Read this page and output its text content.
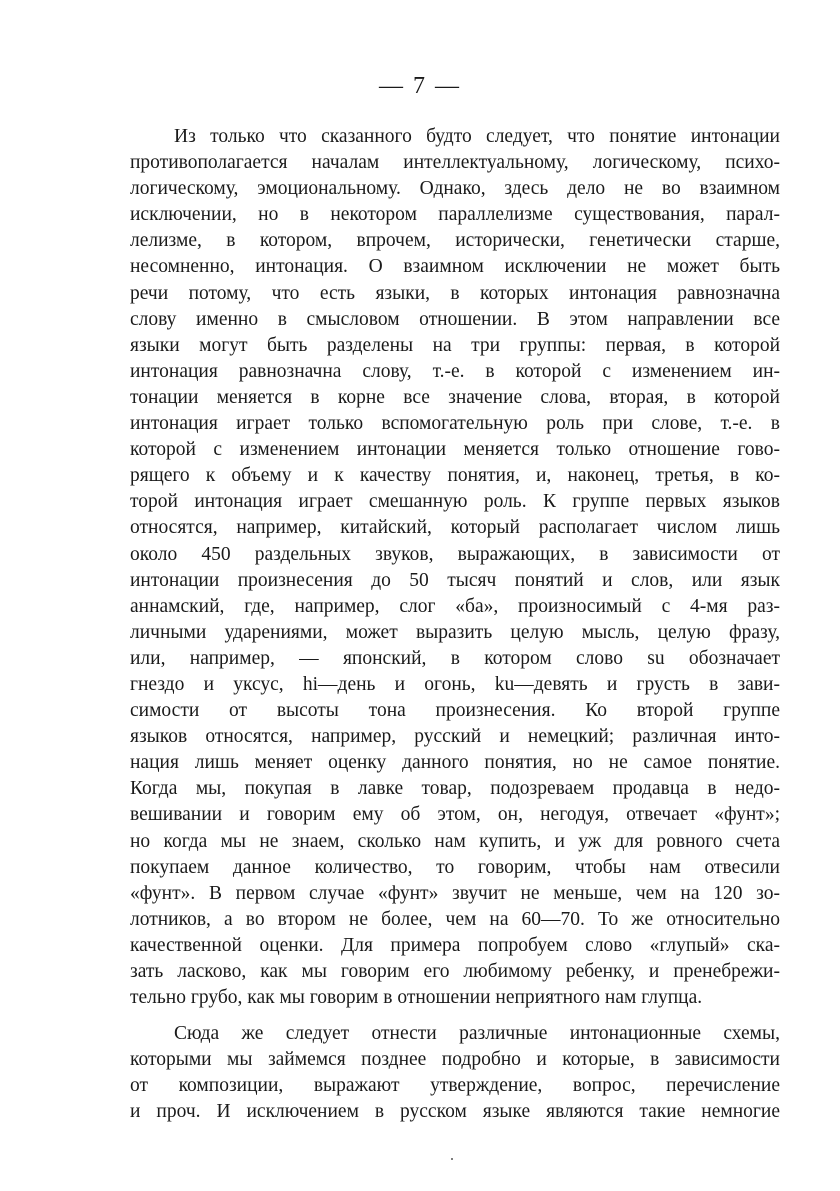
— 7 —

Из только что сказанного будто следует, что понятие интонации
противополагается началам интеллектуальному, логическому, психо-
логическому, эмоциональному. Однако, здесь дело не во взаимном
исключении, но в некотором параллелизме существования, парал-
лелизме, в котором, впрочем, исторически, генетически старше,
несомненно, интонация. О взаимном исключении не может быть
речи потому, что есть языки, в которых интонация равнозначна
слову именно в смысловом отношении. В этом направлении все
языки могут быть разделены на три группы: первая, в которой
интонация равнозначна слову, т.-е. в которой с изменением ин-
тонации меняется в корне все значение слова, вторая, в которой
интонация играет только вспомогательную роль при слове, т.-е. в
которой с изменением интонации меняется только отношение гово-
рящего к объему и к качеству понятия, и, наконец, третья, в ко-
торой интонация играет смешанную роль. К группе первых языков
относятся, например, китайский, который располагает числом лишь
около 450 раздельных звуков, выражающих, в зависимости от
интонации произнесения до 50 тысяч понятий и слов, или язык
аннамский, где, например, слог «ба», произносимый с 4-мя раз-
личными ударениями, может выразить целую мысль, целую фразу,
или, например, — японский, в котором слово su обозначает
гнездо и уксус, hi—день и огонь, ku—девять и грусть в зави-
симости от высоты тона произнесения. Ко второй группе
языков относятся, например, русский и немецкий; различная инто-
нация лишь меняет оценку данного понятия, но не самое понятие.
Когда мы, покупая в лавке товар, подозреваем продавца в недо-
вешивании и говорим ему об этом, он, негодуя, отвечает «фунт»;
но когда мы не знаем, сколько нам купить, и уж для ровного счета
покупаем данное количество, то говорим, чтобы нам отвесили
«фунт». В первом случае «фунт» звучит не меньше, чем на 120 зо-
лотников, а во втором не более, чем на 60—70. То же относительно
качественной оценки. Для примера попробуем слово «глупый» ска-
зать ласково, как мы говорим его любимому ребенку, и пренебрежи-
тельно грубо, как мы говорим в отношении неприятного нам глупца.

Сюда же следует отнести различные интонационные схемы,
которыми мы займемся позднее подробно и которые, в зависимости
от композиции, выражают утверждение, вопрос, перечисление
и проч. И исключением в русском языке являются такие немногие
